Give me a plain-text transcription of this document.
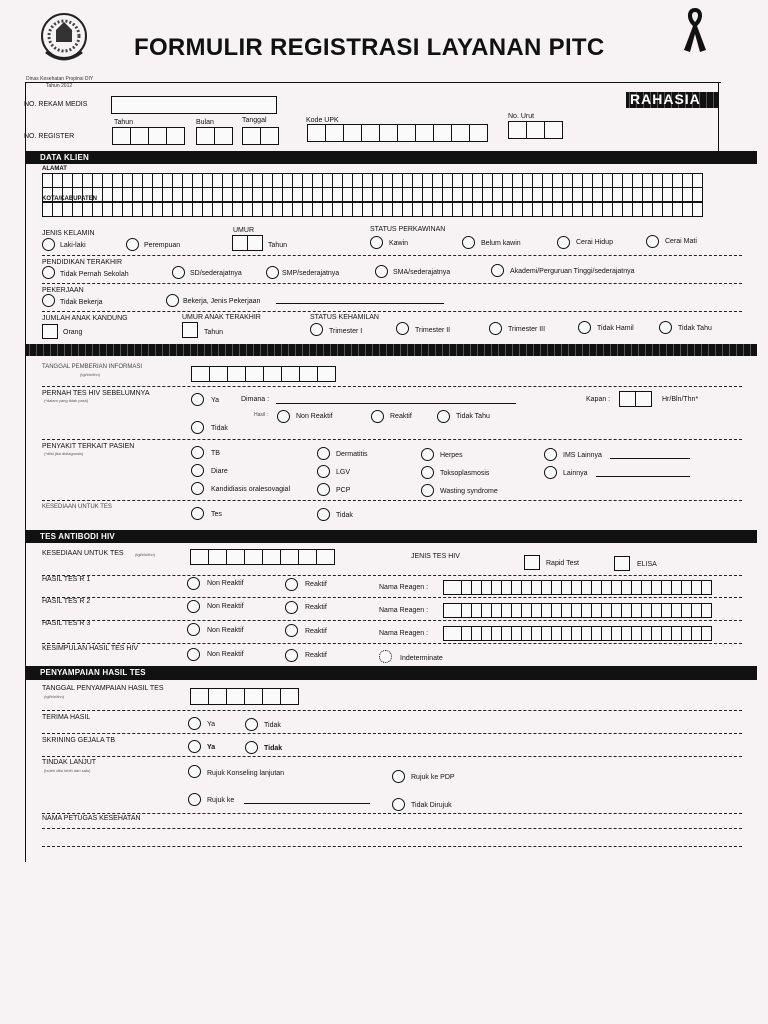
Dinas Kesehatan Propinsi DIY
Tahun 2012
FORMULIR REGISTRASI LAYANAN PITC
RAHASIA
NO. REKAM MEDIS
Tahun	Bulan	Tanggal	Kode UPK
No. Urut
NO. REGISTER
DATA KLIEN
ALAMAT
KOTA/KABUPATEN
JENIS KELAMIN
Laki-laki	Perempuan
UMUR
Tahun
STATUS PERKAWINAN
Kawin	Belum kawin	Cerai Hidup	Cerai Mati
PENDIDIKAN TERAKHIR
Tidak Pernah Sekolah	SD/sederajatnya	SMP/sederajatnya	SMA/sederajatnya	Akademi/Perguruan Tinggi/sederajatnya
PEKERJAAN
Tidak Bekerja	Bekerja, Jenis Pekerjaan
JUMLAH ANAK KANDUNG
Orang
UMUR ANAK TERAKHIR
Tahun
STATUS KEHAMILAN
Trimester I	Trimester II	Trimester III	Tidak Hamil	Tidak Tahu
TANGGAL PEMBERIAN INFORMASI
(tgl/bln/thn)
PERNAH TES HIV SEBELUMNYA
(*dalam yang tidak pasti)	Ya	Dimana :	Kapan :	Hr/Bln/Thn*
Hasil :	Non Reaktif	Reaktif	Tidak Tahu
Tidak
PENYAKIT TERKAIT PASIEN
(*diisi jika didiagnosis)	TB
Diare
Kandidiasis oralesovagial
Dermatitis
LGV
PCP
Herpes
Toksoplasmosis
Wasting syndrome
IMS Lainnya
Lainnya
KESEDIAAN UNTUK TES
Tes	Tidak
TES ANTIBODI HIV
KESEDIAAN UNTUK TES	(tgl/bln/thn)	JENIS TES HIV
Rapid Test	ELISA
HASIL TES R 1
Non Reaktif	Reaktif	Nama Reagen :
HASIL TES R 2
Non Reaktif	Reaktif	Nama Reagen :
HASIL TES R 3
Non Reaktif	Reaktif	Nama Reagen :
KESIMPULAN HASIL TES HIV
Non Reaktif	Reaktif	Indeterminate
PENYAMPAIAN HASIL TES
TANGGAL PENYAMPAIAN HASIL TES
(tgl/bln/thn)
TERIMA HASIL
Ya	Tidak
SKRINING GEJALA TB
Ya	Tidak
TINDAK LANJUT
(boleh diisi lebih dari satu)	Rujuk Konseling lanjutan
Rujuk ke PDP
Rujuk ke
Tidak Dirujuk
NAMA PETUGAS KESEHATAN
